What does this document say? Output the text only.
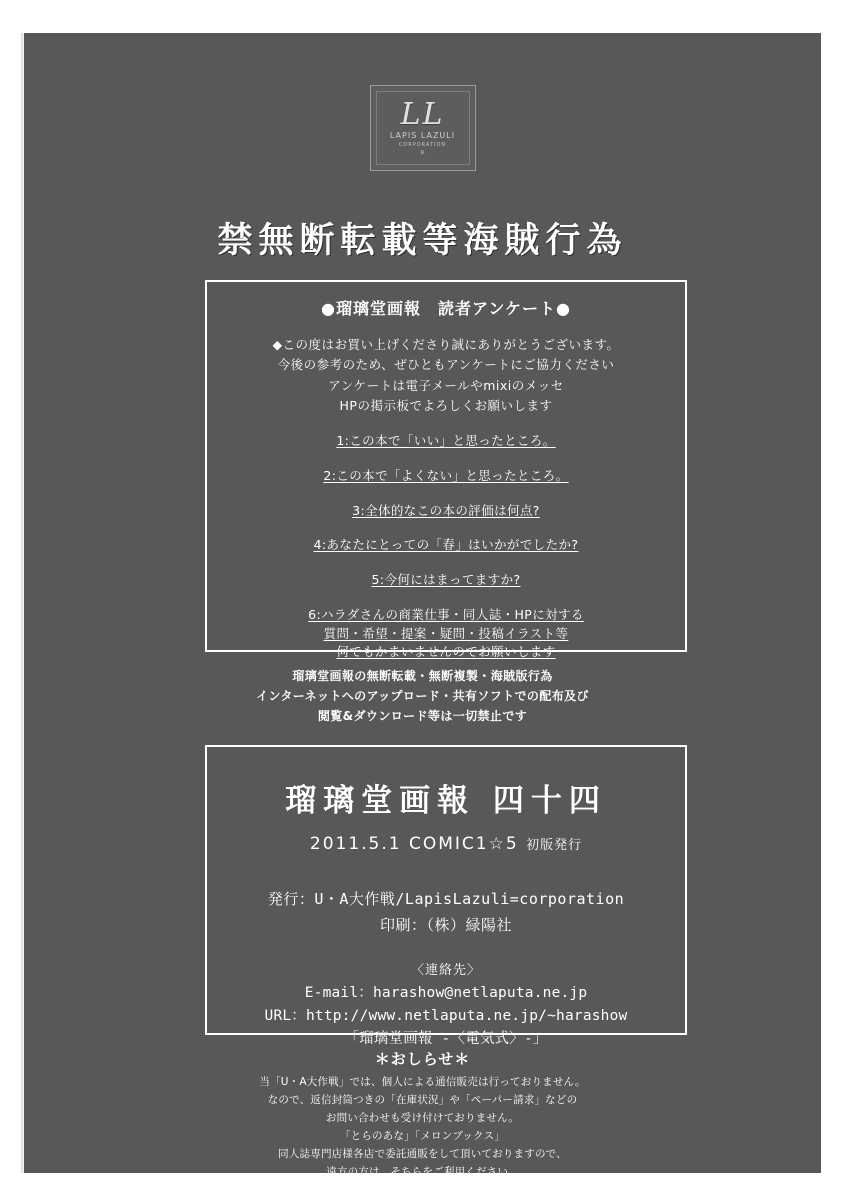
LL
LAPIS LAZULI
CORPORATION
R
禁無断転載等海賊行為
●瑠璃堂画報　読者アンケート●
◆この度はお買い上げくださり誠にありがとうございます。
今後の参考のため、ぜひともアンケートにご協力ください
アンケートは電子メールやmixiのメッセ
HPの掲示板でよろしくお願いします
1:この本で「いい」と思ったところ。
2:この本で「よくない」と思ったところ。
3:全体的なこの本の評価は何点?
4:あなたにとっての「春」はいかがでしたか?
5:今何にはまってますか?
6:ハラダさんの商業仕事・同人誌・HPに対する
質問・希望・提案・疑問・投稿イラスト等
何でもかまいませんのでお願いします
瑠璃堂画報の無断転載・無断複製・海賊版行為
インターネットへのアップロード・共有ソフトでの配布及び
閲覧&ダウンロード等は一切禁止です
瑠璃堂画報 四十四
2011.5.1 COMIC1☆5 初版発行
発行：U・A大作戦/LapisLazuli=corporation
印刷：（株）緑陽社
〈連絡先〉
E-mail：harashow@netlaputa.ne.jp
URL：http://www.netlaputa.ne.jp/~harashow
「瑠璃堂画報 -〈電気式〉-」
＊おしらせ＊
当「U・A大作戦」では、個人による通信販売は行っておりません。
なので、返信封筒つきの「在庫状況」や「ペーパー請求」などの
お問い合わせも受け付けておりません。
「とらのあな」「メロンブックス」
同人誌専門店様各店で委託通販をして頂いておりますので、
遠方の方は、そちらをご利用ください。
